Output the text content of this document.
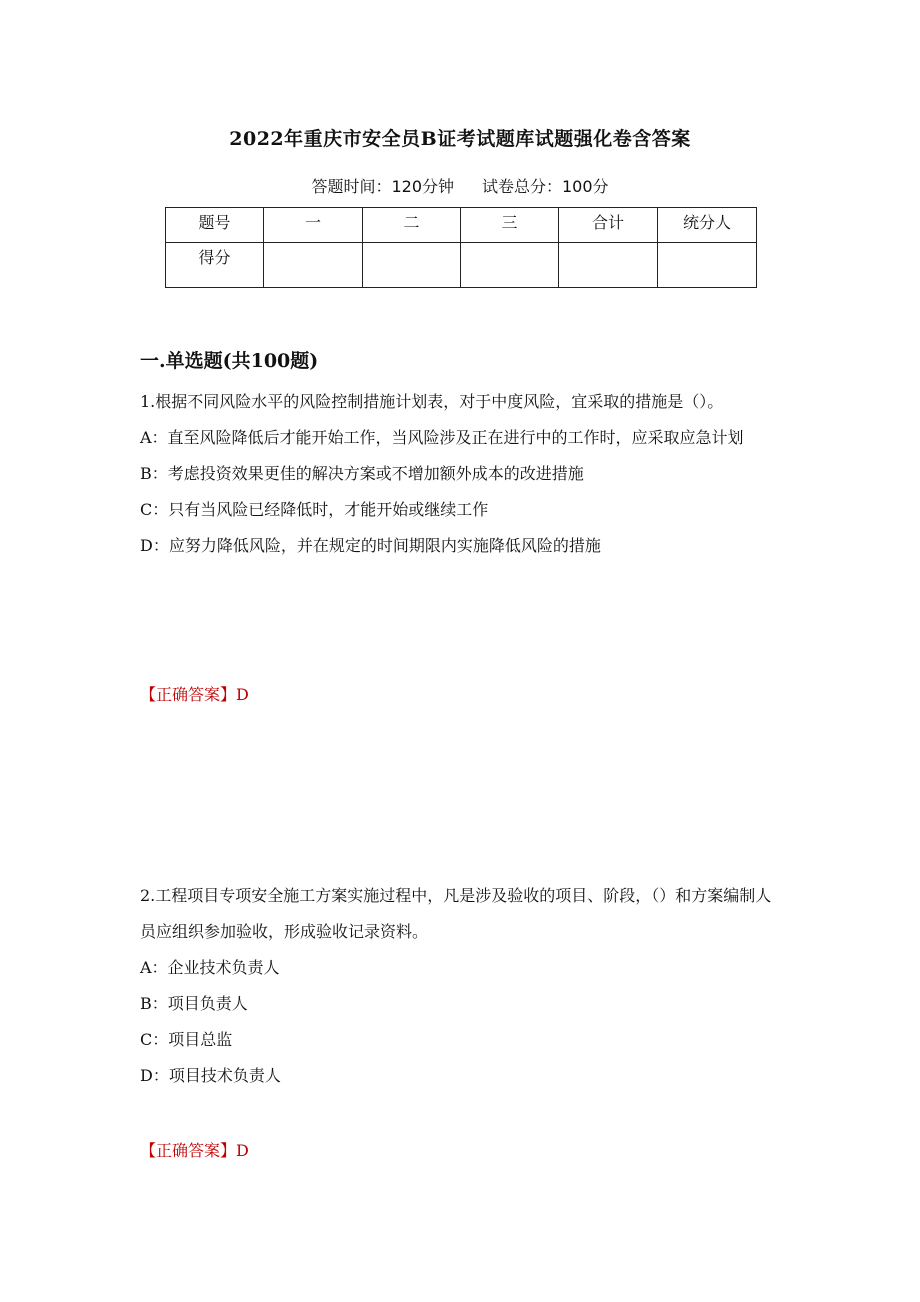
2022年重庆市安全员B证考试题库试题强化卷含答案
答题时间：120分钟 试卷总分：100分
题号	一	二	三	合计	统分人
得分					
一.单选题(共100题)

1.根据不同风险水平的风险控制措施计划表，对于中度风险，宜采取的措施是（）。

A：直至风险降低后才能开始工作，当风险涉及正在进行中的工作时，应采取应急计划

B：考虑投资效果更佳的解决方案或不增加额外成本的改进措施

C：只有当风险已经降低时，才能开始或继续工作

D：应努力降低风险，并在规定的时间期限内实施降低风险的措施

【正确答案】D

2.工程项目专项安全施工方案实施过程中，凡是涉及验收的项目、阶段，（）和方案编制人员应组织参加验收，形成验收记录资料。

A：企业技术负责人

B：项目负责人

C：项目总监

D：项目技术负责人

【正确答案】D
